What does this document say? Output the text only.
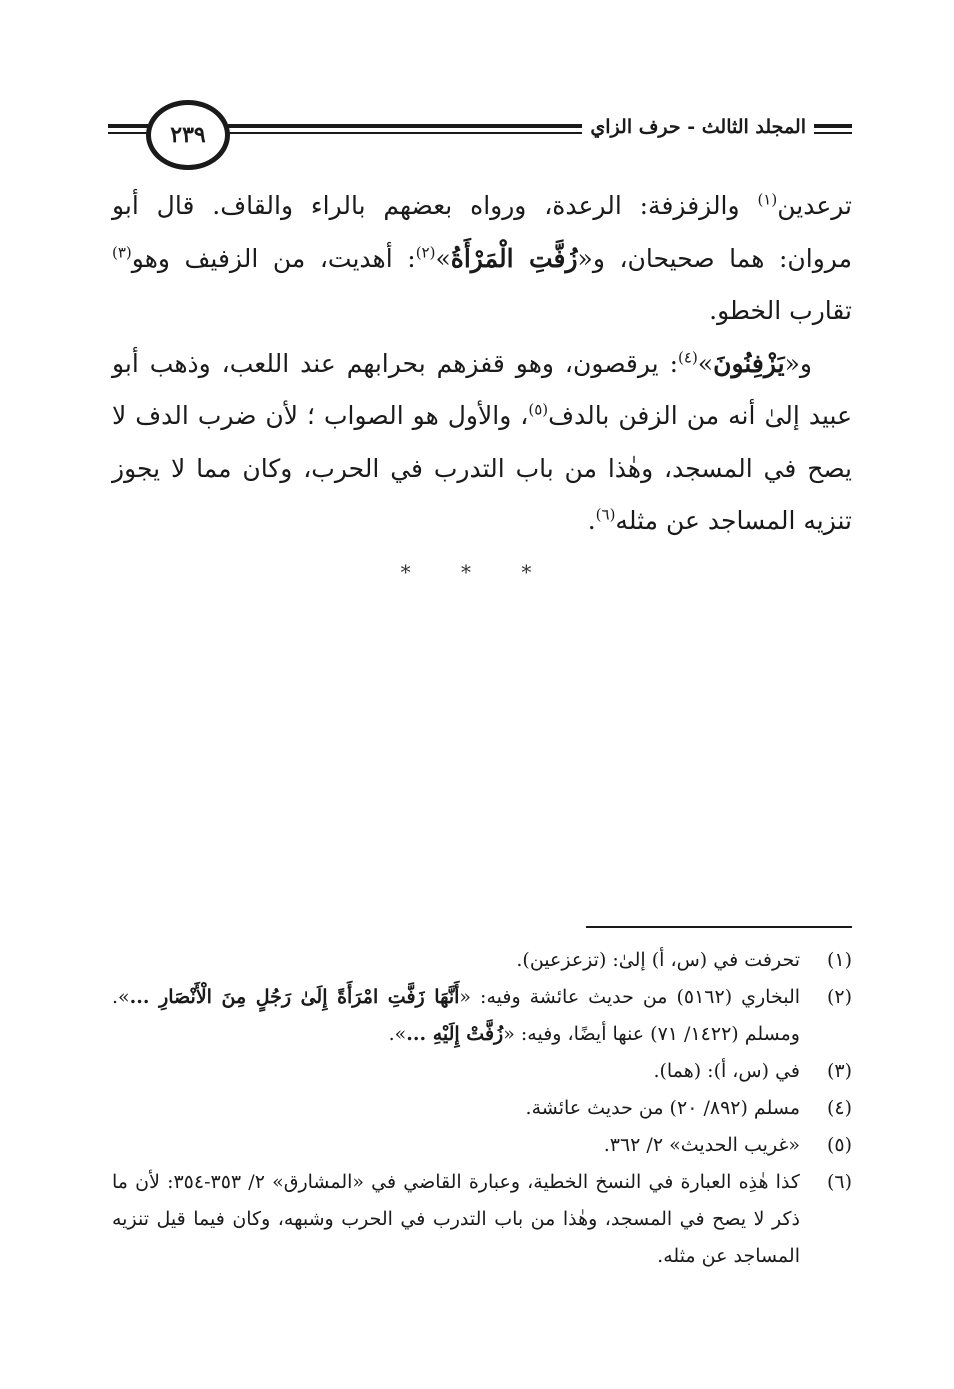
٢٣٩	المجلد الثالث - حرف الزاي

ترعدين$^{(١)}$ والزفزفة: الرعدة، ورواه بعضهم بالراء والقاف. قال أبو مروان: هما صحيحان، و«زُفَّتِ الْمَرْأَةُ»$^{(٢)}$: أهديت، من الزفيف وهو$^{(٣)}$ تقارب الخطو.

و«يَزْفِنُونَ»$^{(٤)}$: يرقصون، وهو قفزهم بحرابهم عند اللعب، وذهب أبو عبيد إلىٰ أنه من الزفن بالدف$^{(٥)}$، والأول هو الصواب ؛ لأن ضرب الدف لا يصح في المسجد، وهٰذا من باب التدرب في الحرب، وكان مما لا يجوز تنزيه المساجد عن مثله$^{(٦)}$.

* * *
(١)
تحرفت في (س، أ) إلىٰ: (تزعزعين).
(٢)
البخاري (٥١٦٢) من حديث عائشة وفيه: «أَنَّهَا زَفَّتِ امْرَأَةً إِلَىٰ رَجُلٍ مِنَ الْأَنْصَارِ ...». ومسلم (١٤٢٢/ ٧١) عنها أيضًا، وفيه: «زُفَّتْ إِلَيْهِ ...».
(٣)
في (س، أ): (هما).
(٤)
مسلم (٨٩٢/ ٢٠) من حديث عائشة.
(٥)
«غريب الحديث» ٢/ ٣٦٢.
(٦)
كذا هٰذِه العبارة في النسخ الخطية، وعبارة القاضي في «المشارق» ٢/ ٣٥٣-٣٥٤: لأن ما ذكر لا يصح في المسجد، وهٰذا من باب التدرب في الحرب وشبهه، وكان فيما قيل تنزيه المساجد عن مثله.
